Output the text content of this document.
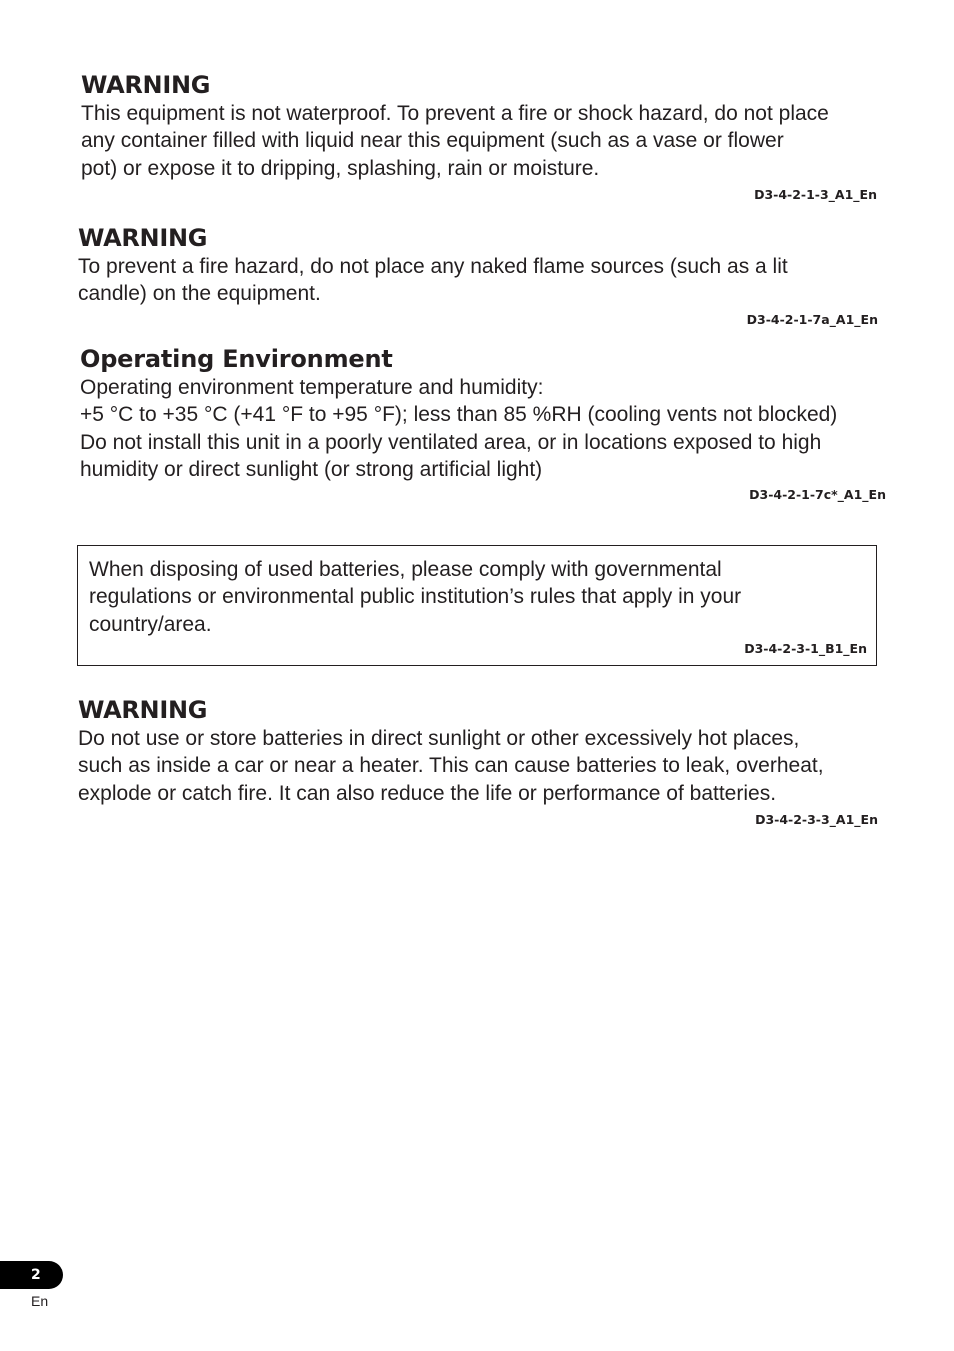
WARNING

This equipment is not waterproof. To prevent a fire or shock hazard, do not place

any container filled with liquid near this equipment (such as a vase or flower

pot) or expose it to dripping, splashing, rain or moisture.

D3-4-2-1-3_A1_En

WARNING

To prevent a fire hazard, do not place any naked flame sources (such as a lit

candle) on the equipment.

D3-4-2-1-7a_A1_En

Operating Environment

Operating environment temperature and humidity:

+5 °C to +35 °C (+41 °F to +95 °F); less than 85 %RH (cooling vents not blocked)

Do not install this unit in a poorly ventilated area, or in locations exposed to high

humidity or direct sunlight (or strong artificial light)

D3-4-2-1-7c*_A1_En

When disposing of used batteries, please comply with governmental

regulations or environmental public institution’s rules that apply in your

country/area.

D3-4-2-3-1_B1_En

WARNING

Do not use or store batteries in direct sunlight or other excessively hot places,

such as inside a car or near a heater. This can cause batteries to leak, overheat,

explode or catch fire. It can also reduce the life or performance of batteries.

D3-4-2-3-3_A1_En

2
En
